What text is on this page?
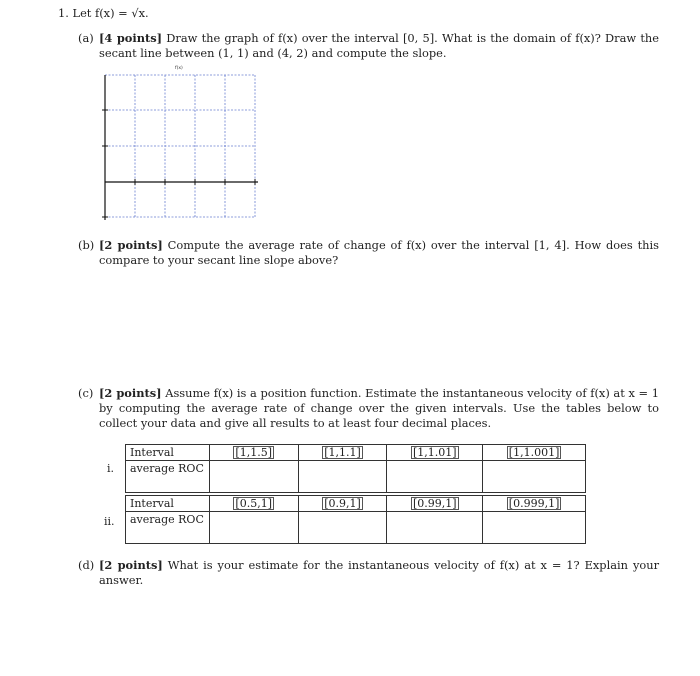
1. Let f(x) = √x.
(a) [4 points] Draw the graph of f(x) over the interval [0, 5]. What is the domain of f(x)? Draw the secant line between (1, 1) and (4, 2) and compute the slope.
f(x)
(b) [2 points] Compute the average rate of change of f(x) over the interval [1, 4]. How does this compare to your secant line slope above?
(c) [2 points] Assume f(x) is a position function. Estimate the instantaneous velocity of f(x) at x = 1 by computing the average rate of change over the given intervals. Use the tables below to collect your data and give all results to at least four decimal places.
i.
Interval	[1,1.5]	[1,1.1]	[1,1.01]	[1,1.001]
average ROC				
ii.
Interval	[0.5,1]	[0.9,1]	[0.99,1]	[0.999,1]
average ROC				
(d) [2 points] What is your estimate for the instantaneous velocity of f(x) at x = 1? Explain your answer.
